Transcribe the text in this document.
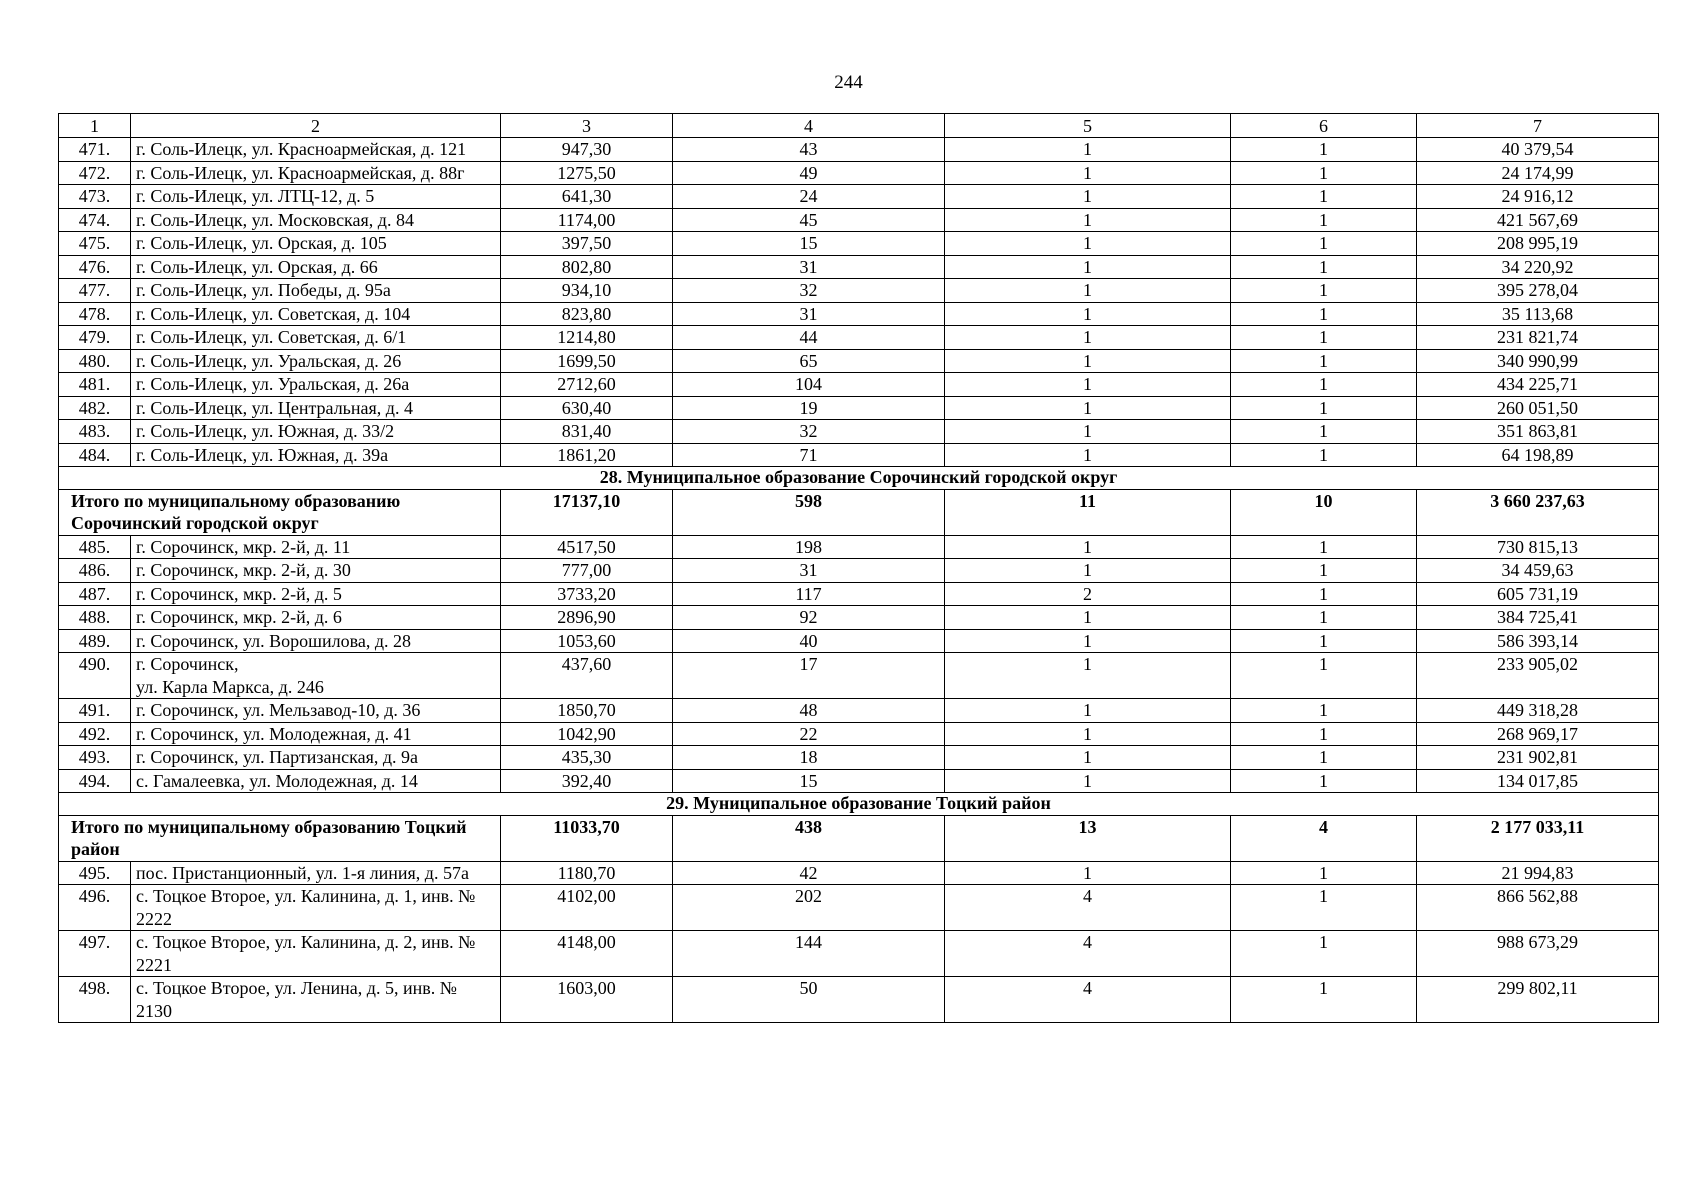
244
1	2	3	4	5	6	7
471.	г. Соль-Илецк, ул. Красноармейская, д. 121	947,30	43	1	1	40 379,54
472.	г. Соль-Илецк, ул. Красноармейская, д. 88г	1275,50	49	1	1	24 174,99
473.	г. Соль-Илецк, ул. ЛТЦ-12, д. 5	641,30	24	1	1	24 916,12
474.	г. Соль-Илецк, ул. Московская, д. 84	1174,00	45	1	1	421 567,69
475.	г. Соль-Илецк, ул. Орская, д. 105	397,50	15	1	1	208 995,19
476.	г. Соль-Илецк, ул. Орская, д. 66	802,80	31	1	1	34 220,92
477.	г. Соль-Илецк, ул. Победы, д. 95а	934,10	32	1	1	395 278,04
478.	г. Соль-Илецк, ул. Советская, д. 104	823,80	31	1	1	35 113,68
479.	г. Соль-Илецк, ул. Советская, д. 6/1	1214,80	44	1	1	231 821,74
480.	г. Соль-Илецк, ул. Уральская, д. 26	1699,50	65	1	1	340 990,99
481.	г. Соль-Илецк, ул. Уральская, д. 26а	2712,60	104	1	1	434 225,71
482.	г. Соль-Илецк, ул. Центральная, д. 4	630,40	19	1	1	260 051,50
483.	г. Соль-Илецк, ул. Южная, д. 33/2	831,40	32	1	1	351 863,81
484.	г. Соль-Илецк, ул. Южная, д. 39а	1861,20	71	1	1	64 198,89
28. Муниципальное образование Сорочинский городской округ						
Итого по муниципальному образованию Сорочинский городской округ		17137,10	598	11	10	3 660 237,63
485.	г. Сорочинск, мкр. 2-й, д. 11	4517,50	198	1	1	730 815,13
486.	г. Сорочинск, мкр. 2-й, д. 30	777,00	31	1	1	34 459,63
487.	г. Сорочинск, мкр. 2-й, д. 5	3733,20	117	2	1	605 731,19
488.	г. Сорочинск, мкр. 2-й, д. 6	2896,90	92	1	1	384 725,41
489.	г. Сорочинск, ул. Ворошилова, д. 28	1053,60	40	1	1	586 393,14
490.	г. Сорочинск,
ул. Карла Маркса, д. 246	437,60	17	1	1	233 905,02
491.	г. Сорочинск, ул. Мельзавод-10, д. 36	1850,70	48	1	1	449 318,28
492.	г. Сорочинск, ул. Молодежная, д. 41	1042,90	22	1	1	268 969,17
493.	г. Сорочинск, ул. Партизанская, д. 9а	435,30	18	1	1	231 902,81
494.	с. Гамалеевка, ул. Молодежная, д. 14	392,40	15	1	1	134 017,85
29. Муниципальное образование Тоцкий район						
Итого по муниципальному образованию Тоцкий район		11033,70	438	13	4	2 177 033,11
495.	пос. Пристанционный, ул. 1-я линия, д. 57а	1180,70	42	1	1	21 994,83
496.	с. Тоцкое Второе, ул. Калинина, д. 1, инв. № 2222	4102,00	202	4	1	866 562,88
497.	с. Тоцкое Второе, ул. Калинина, д. 2, инв. № 2221	4148,00	144	4	1	988 673,29
498.	с. Тоцкое Второе, ул. Ленина, д. 5, инв. № 2130	1603,00	50	4	1	299 802,11
